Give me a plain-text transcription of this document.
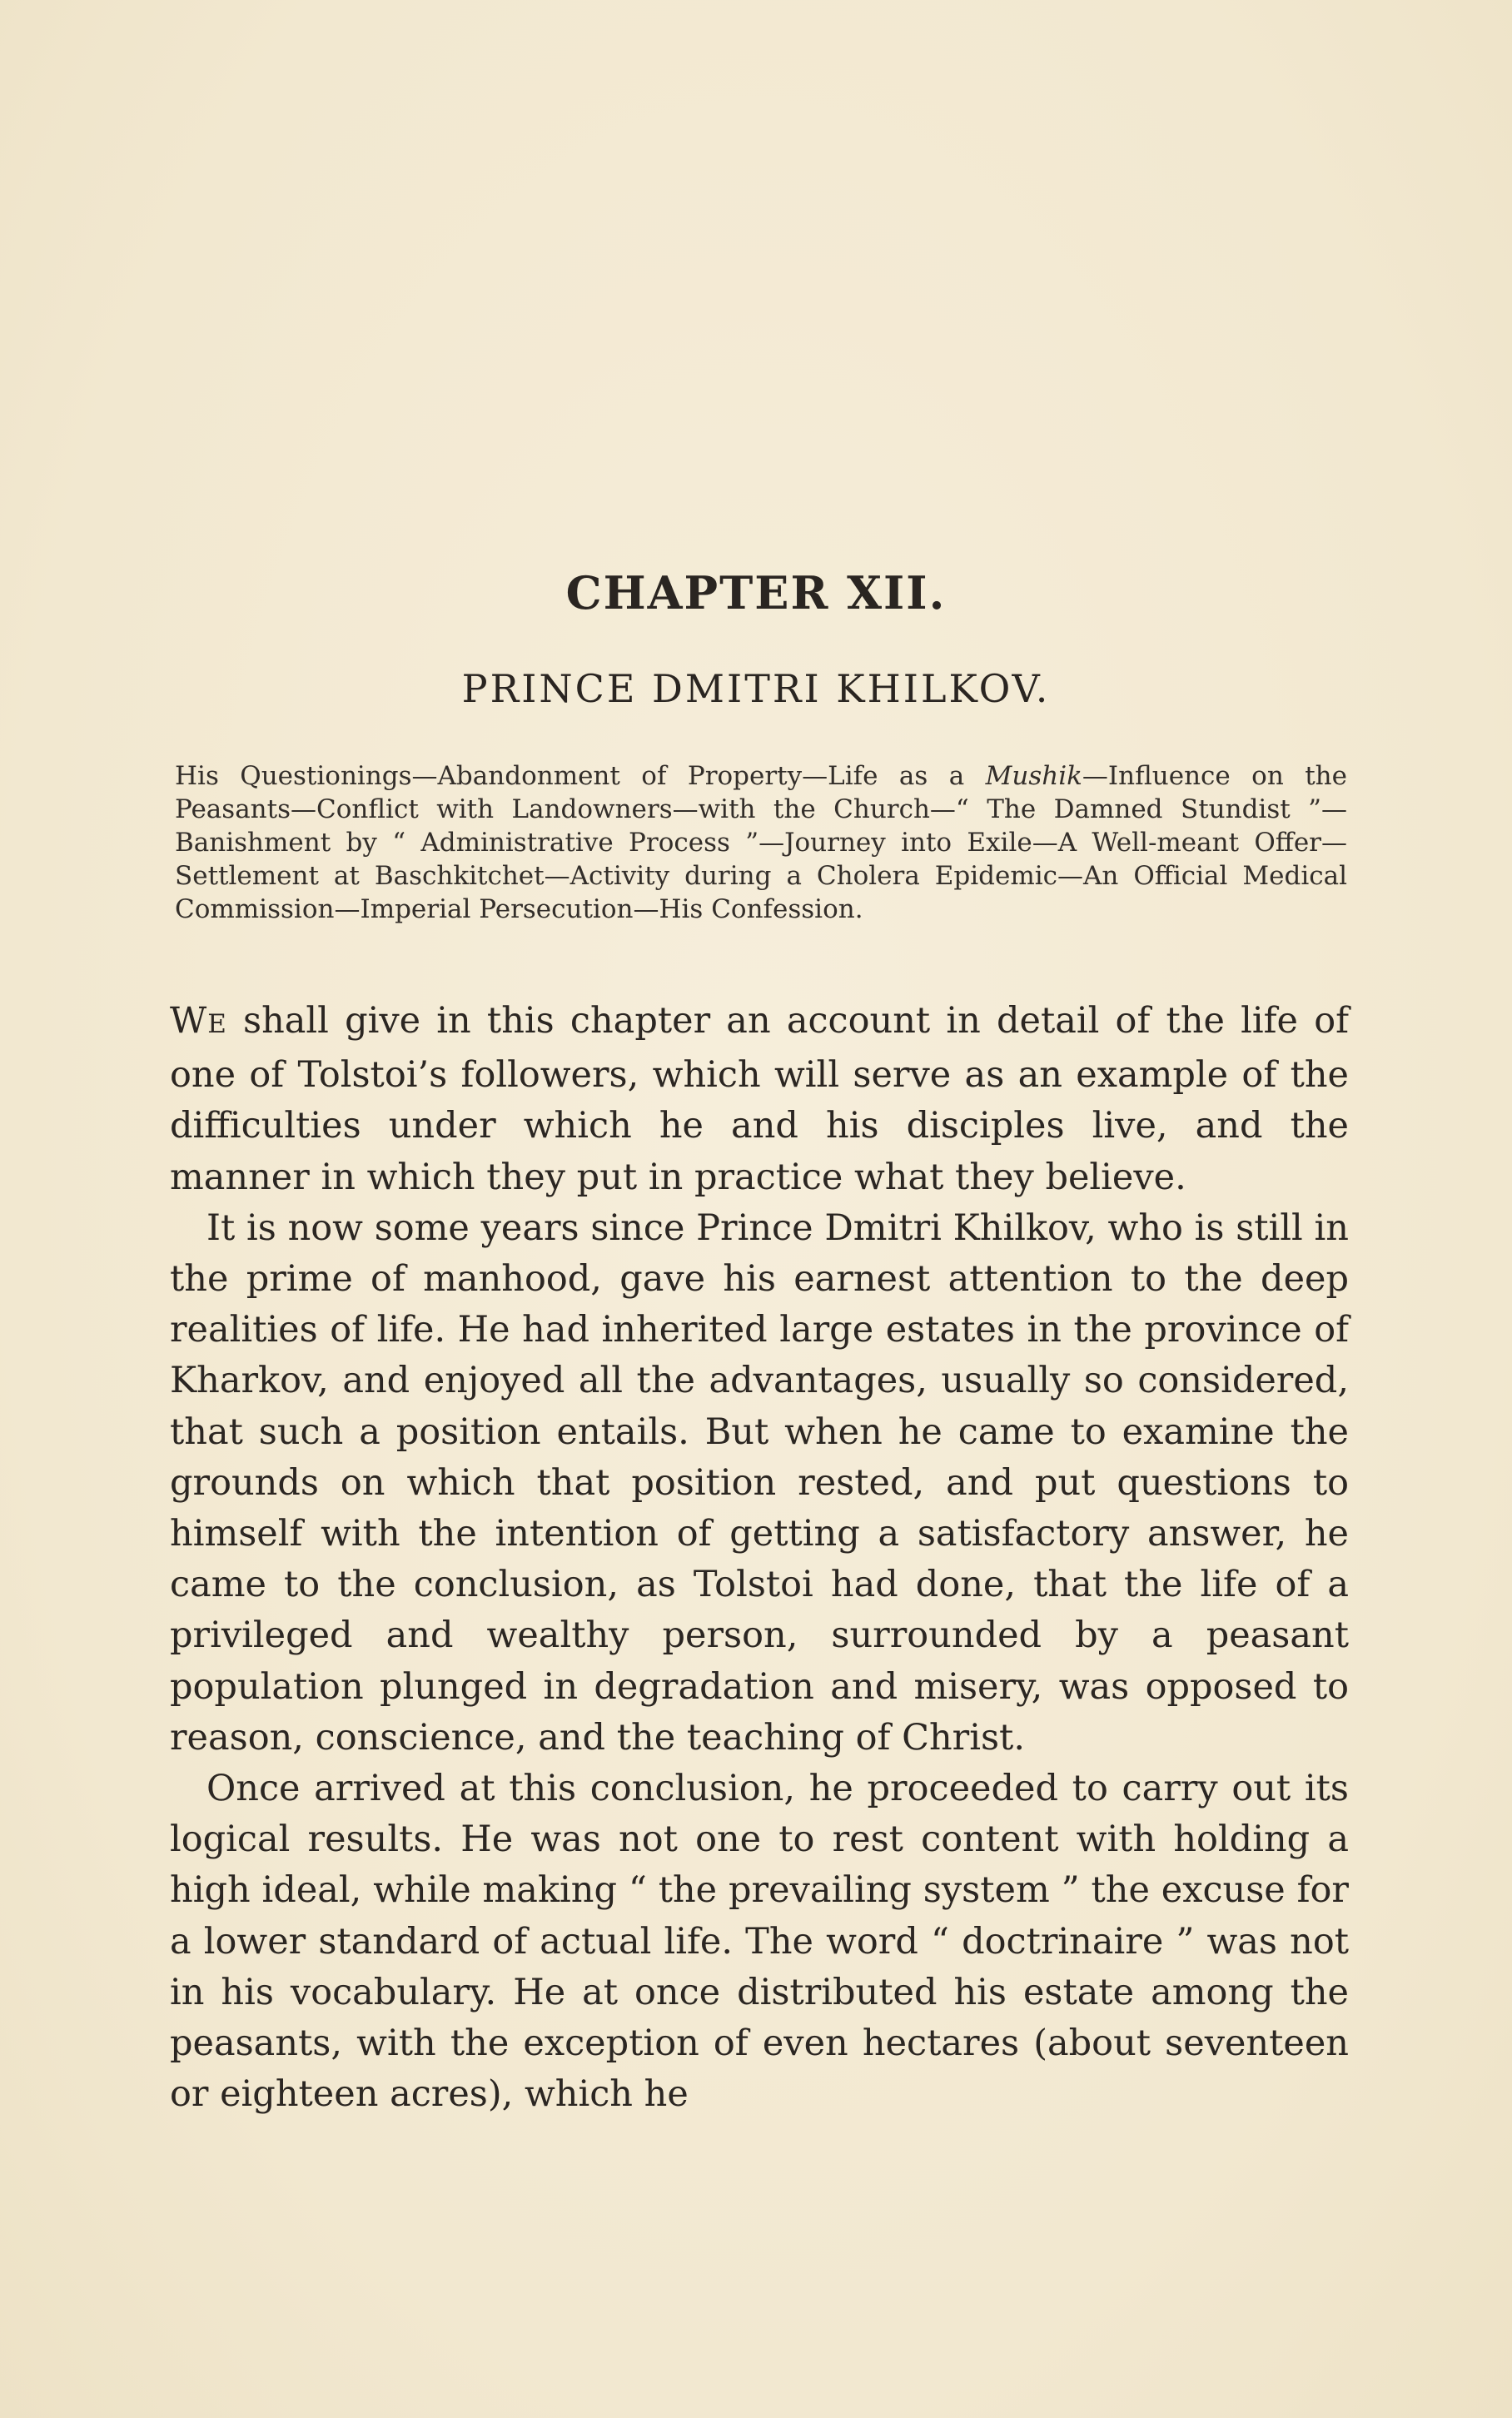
CHAPTER XII.
PRINCE DMITRI KHILKOV.
His Questionings—Abandonment of Property—Life as a Mushik—Influence on the Peasants—Conflict with Landowners—with the Church—“ The Damned Stundist ”—Banishment by “ Administrative Process ”—Journey into Exile—A Well-meant Offer—Settlement at Baschkitchet—Activity during a Cholera Epidemic—An Official Medical Commission—Imperial Persecution—His Confession.

WE shall give in this chapter an account in detail of the life of one of Tolstoi’s followers, which will serve as an example of the difficulties under which he and his disciples live, and the manner in which they put in practice what they believe.

It is now some years since Prince Dmitri Khilkov, who is still in the prime of manhood, gave his earnest attention to the deep realities of life. He had inherited large estates in the province of Kharkov, and enjoyed all the advantages, usually so considered, that such a position entails. But when he came to examine the grounds on which that position rested, and put questions to himself with the intention of getting a satisfactory answer, he came to the conclusion, as Tolstoi had done, that the life of a privileged and wealthy person, surrounded by a peasant population plunged in degradation and misery, was opposed to reason, conscience, and the teaching of Christ.

Once arrived at this conclusion, he proceeded to carry out its logical results. He was not one to rest content with holding a high ideal, while making “ the prevailing system ” the excuse for a lower standard of actual life. The word “ doctrinaire ” was not in his vocabulary. He at once distributed his estate among the peasants, with the exception of even hectares (about seventeen or eighteen acres), which he
